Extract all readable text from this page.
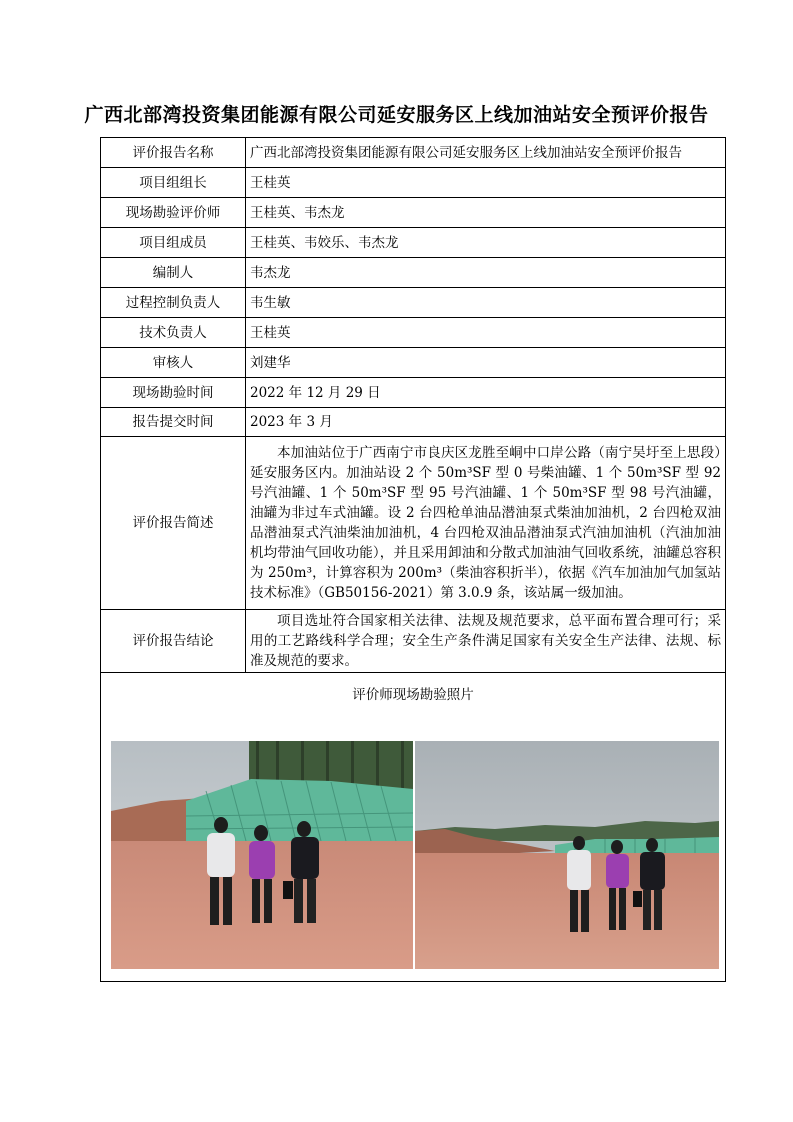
广西北部湾投资集团能源有限公司延安服务区上线加油站安全预评价报告
评价报告名称	广西北部湾投资集团能源有限公司延安服务区上线加油站安全预评价报告
项目组组长	王桂英
现场勘验评价师	王桂英、韦杰龙
项目组成员	王桂英、韦姣乐、韦杰龙
编制人	韦杰龙
过程控制负责人	韦生敏
技术负责人	王桂英
审核人	刘建华
现场勘验时间	2022 年 12 月 29 日
报告提交时间	2023 年 3 月
评价报告简述	本加油站位于广西南宁市良庆区龙胜至峒中口岸公路（南宁吴圩至上思段）延安服务区内。加油站设 2 个 50m³SF 型 0 号柴油罐、1 个 50m³SF 型 92 号汽油罐、1 个 50m³SF 型 95 号汽油罐、1 个 50m³SF 型 98 号汽油罐，油罐为非过车式油罐。设 2 台四枪单油品潜油泵式柴油加油机，2 台四枪双油品潜油泵式汽油柴油加油机，4 台四枪双油品潜油泵式汽油加油机（汽油加油机均带油气回收功能），并且采用卸油和分散式加油油气回收系统，油罐总容积为 250m³，计算容积为 200m³（柴油容积折半），依据《汽车加油加气加氢站技术标准》（GB50156-2021）第 3.0.9 条，该站属一级加油。
评价报告结论	项目选址符合国家相关法律、法规及规范要求，总平面布置合理可行；采用的工艺路线科学合理；安全生产条件满足国家有关安全生产法律、法规、标准及规范的要求。

评价师现场勘验照片	
